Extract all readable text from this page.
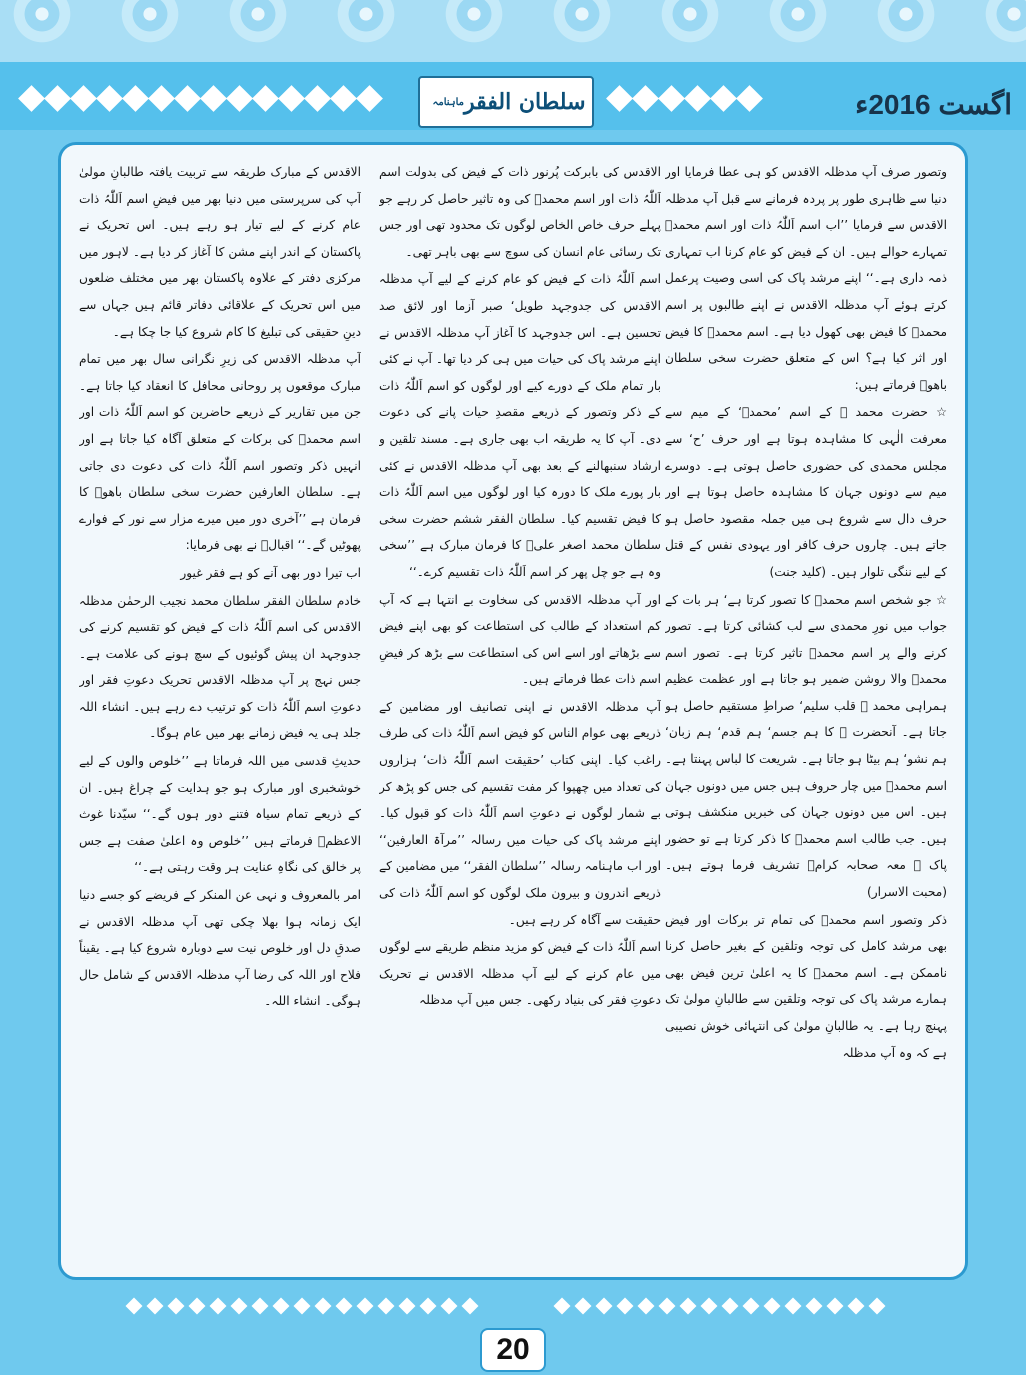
سلطان الفقر
ماہنامہ	اگست 2016ء

وتصور صرف آپ مدظلہ الاقدس کو ہی عطا فرمایا اور دنیا سے ظاہری طور پر پردہ فرمانے سے قبل آپ مدظلہ الاقدس سے فرمایا ’’اب اسم اَللّٰہُ ذات اور اسم محمدؐ تمہارے حوالے ہیں۔ ان کے فیض کو عام کرنا اب تمہاری ذمہ داری ہے۔‘‘ اپنے مرشد پاک کی اسی وصیت پرعمل کرتے ہوئے آپ مدظلہ الاقدس نے اپنے طالبوں پر اسم محمدؐ کا فیض بھی کھول دیا ہے۔ اسم محمدؐ کا فیض اور اثر کیا ہے؟ اس کے متعلق حضرت سخی سلطان باھوؒ فرماتے ہیں:

☆ حضرت محمد ﷺ کے اسم ’محمدؐ‘ کے میم سے معرفت الٰہی کا مشاہدہ ہوتا ہے اور حرف ’ح‘ سے مجلس محمدی کی حضوری حاصل ہوتی ہے۔ دوسرے میم سے دونوں جہان کا مشاہدہ حاصل ہوتا ہے اور حرف دال سے شروع ہی میں جملہ مقصود حاصل ہو جاتے ہیں۔ چاروں حرف کافر اور یہودی نفس کے قتل کے لیے ننگی تلوار ہیں۔ (کلید جنت)

☆ جو شخص اسم محمدؐ کا تصور کرتا ہے‘ ہر بات کے جواب میں نورِ محمدی سے لب کشائی کرتا ہے۔ تصور کرنے والے پر اسم محمدؐ تاثیر کرتا ہے۔ تصور اسم محمدؐ والا روشن ضمیر ہو جاتا ہے اور عظمت عظیم ہمراہی محمد ﷺ قلب سلیم‘ صراطِ مستقیم حاصل ہو جاتا ہے۔ آنحضرت ﷺ کا ہم جسم‘ ہم قدم‘ ہم زبان‘ ہم نشو‘ ہم بیٹا ہو جاتا ہے۔ شریعت کا لباس پہنتا ہے۔ اسم محمدؐ میں چار حروف ہیں جس میں دونوں جہان ہیں۔ اس میں دونوں جہان کی خبریں منکشف ہوتی ہیں۔ جب طالب اسم محمدؐ کا ذکر کرتا ہے تو حضور پاک ﷺ معہ صحابہ کرامؓ تشریف فرما ہوتے ہیں۔ (محبت الاسرار)

ذکر وتصور اسم محمدؐ کی تمام تر برکات اور فیض بھی مرشد کامل کی توجہ وتلقین کے بغیر حاصل کرنا ناممکن ہے۔ اسم محمدؐ کا یہ اعلیٰ ترین فیض بھی ہمارے مرشد پاک کی توجہ وتلقین سے طالبانِ مولیٰ تک پہنچ رہا ہے۔ یہ طالبانِ مولیٰ کی انتہائی خوش نصیبی ہے کہ وہ آپ مدظلہ

الاقدس کی بابرکت پُرنور ذات کے فیض کی بدولت اسم اَللّٰہُ ذات اور اسم محمدؐ کی وہ تاثیر حاصل کر رہے جو پہلے حرف خاص الخاص لوگوں تک محدود تھی اور جس تک رسائی عام انسان کی سوچ سے بھی باہر تھی۔

اسم اَللّٰہُ ذات کے فیض کو عام کرنے کے لیے آپ مدظلہ الاقدس کی جدوجہد طویل‘ صبر آزما اور لائق صد تحسین ہے۔ اس جدوجہد کا آغاز آپ مدظلہ الاقدس نے اپنے مرشد پاک کی حیات میں ہی کر دیا تھا۔ آپ نے کئی بار تمام ملک کے دورے کیے اور لوگوں کو اسم اَللّٰہُ ذات کے ذکر وتصور کے ذریعے مقصدِ حیات پانے کی دعوت دی۔ آپ کا یہ طریقہ اب بھی جاری ہے۔ مسند تلقین و ارشاد سنبھالنے کے بعد بھی آپ مدظلہ الاقدس نے کئی بار پورے ملک کا دورہ کیا اور لوگوں میں اسم اَللّٰہُ ذات کا فیض تقسیم کیا۔ سلطان الفقر ششم حضرت سخی سلطان محمد اصغر علیؒ کا فرمان مبارک ہے ’’سخی وہ ہے جو چل پھر کر اسم اَللّٰہُ ذات تقسیم کرے۔‘‘

اور آپ مدظلہ الاقدس کی سخاوت بے انتہا ہے کہ آپ کم استعداد کے طالب کی استطاعت کو بھی اپنے فیض سے بڑھاتے اور اسے اس کی استطاعت سے بڑھ کر فیضِ اسم ذات عطا فرماتے ہیں۔

آپ مدظلہ الاقدس نے اپنی تصانیف اور مضامین کے ذریعے بھی عوام الناس کو فیض اسم اَللّٰہُ ذات کی طرف راغب کیا۔ اپنی کتاب ’حقیقت اسم اَللّٰہُ ذات‘ ہزاروں کی تعداد میں چھپوا کر مفت تقسیم کی جس کو پڑھ کر بے شمار لوگوں نے دعوتِ اسم اَللّٰہُ ذات کو قبول کیا۔ اپنے مرشد پاک کی حیات میں رسالہ ’’مرآۃ العارفین‘‘ اور اب ماہنامہ رسالہ ’’سلطان الفقر‘‘ میں مضامین کے ذریعے اندرون و بیرون ملک لوگوں کو اسم اَللّٰہُ ذات کی حقیقت سے آگاہ کر رہے ہیں۔

اسم اَللّٰہُ ذات کے فیض کو مزید منظم طریقے سے لوگوں میں عام کرنے کے لیے آپ مدظلہ الاقدس نے تحریک دعوتِ فقر کی بنیاد رکھی۔ جس میں آپ مدظلہ

الاقدس کے مبارک طریقہ سے تربیت یافتہ طالبانِ مولیٰ آپ کی سرپرستی میں دنیا بھر میں فیضِ اسم اَللّٰہُ ذات عام کرنے کے لیے تیار ہو رہے ہیں۔ اس تحریک نے پاکستان کے اندر اپنے مشن کا آغاز کر دیا ہے۔ لاہور میں مرکزی دفتر کے علاوہ پاکستان بھر میں مختلف ضلعوں میں اس تحریک کے علاقائی دفاتر قائم ہیں جہاں سے دینِ حقیقی کی تبلیغ کا کام شروع کیا جا چکا ہے۔

آپ مدظلہ الاقدس کی زیرِ نگرانی سال بھر میں تمام مبارک موقعوں پر روحانی محافل کا انعقاد کیا جاتا ہے۔ جن میں تقاریر کے ذریعے حاضرین کو اسم اَللّٰہُ ذات اور اسم محمدؐ کی برکات کے متعلق آگاہ کیا جاتا ہے اور انہیں ذکر وتصور اسم اَللّٰہُ ذات کی دعوت دی جاتی ہے۔ سلطان العارفین حضرت سخی سلطان باھوؒ کا فرمان ہے ’’آخری دور میں میرے مزار سے نور کے فوارے پھوٹیں گے۔‘‘ اقبالؒ نے بھی فرمایا:

اب تیرا دور بھی آنے کو ہے فقر غیور

خادم سلطان الفقر سلطان محمد نجیب الرحمٰن مدظلہ الاقدس کی اسم اَللّٰہُ ذات کے فیض کو تقسیم کرنے کی جدوجہد ان پیش گوئیوں کے سچ ہونے کی علامت ہے۔ جس نہج پر آپ مدظلہ الاقدس تحریک دعوتِ فقر اور دعوتِ اسم اَللّٰہُ ذات کو ترتیب دے رہے ہیں۔ انشاء اللہ جلد ہی یہ فیض زمانے بھر میں عام ہوگا۔

حدیثِ قدسی میں اللہ فرماتا ہے ’’خلوص والوں کے لیے خوشخبری اور مبارک ہو جو ہدایت کے چراغ ہیں۔ ان کے ذریعے تمام سیاہ فتنے دور ہوں گے۔‘‘ سیّدنا غوث الاعظمؓ فرماتے ہیں ’’خلوص وہ اعلیٰ صفت ہے جس پر خالق کی نگاہِ عنایت ہر وقت رہتی ہے۔‘‘

امر بالمعروف و نہی عن المنکر کے فریضے کو جسے دنیا ایک زمانہ ہوا بھلا چکی تھی آپ مدظلہ الاقدس نے صدقِ دل اور خلوص نیت سے دوبارہ شروع کیا ہے۔ یقیناً فلاح اور اللہ کی رضا آپ مدظلہ الاقدس کے شامل حال ہوگی۔ انشاء اللہ۔

20
